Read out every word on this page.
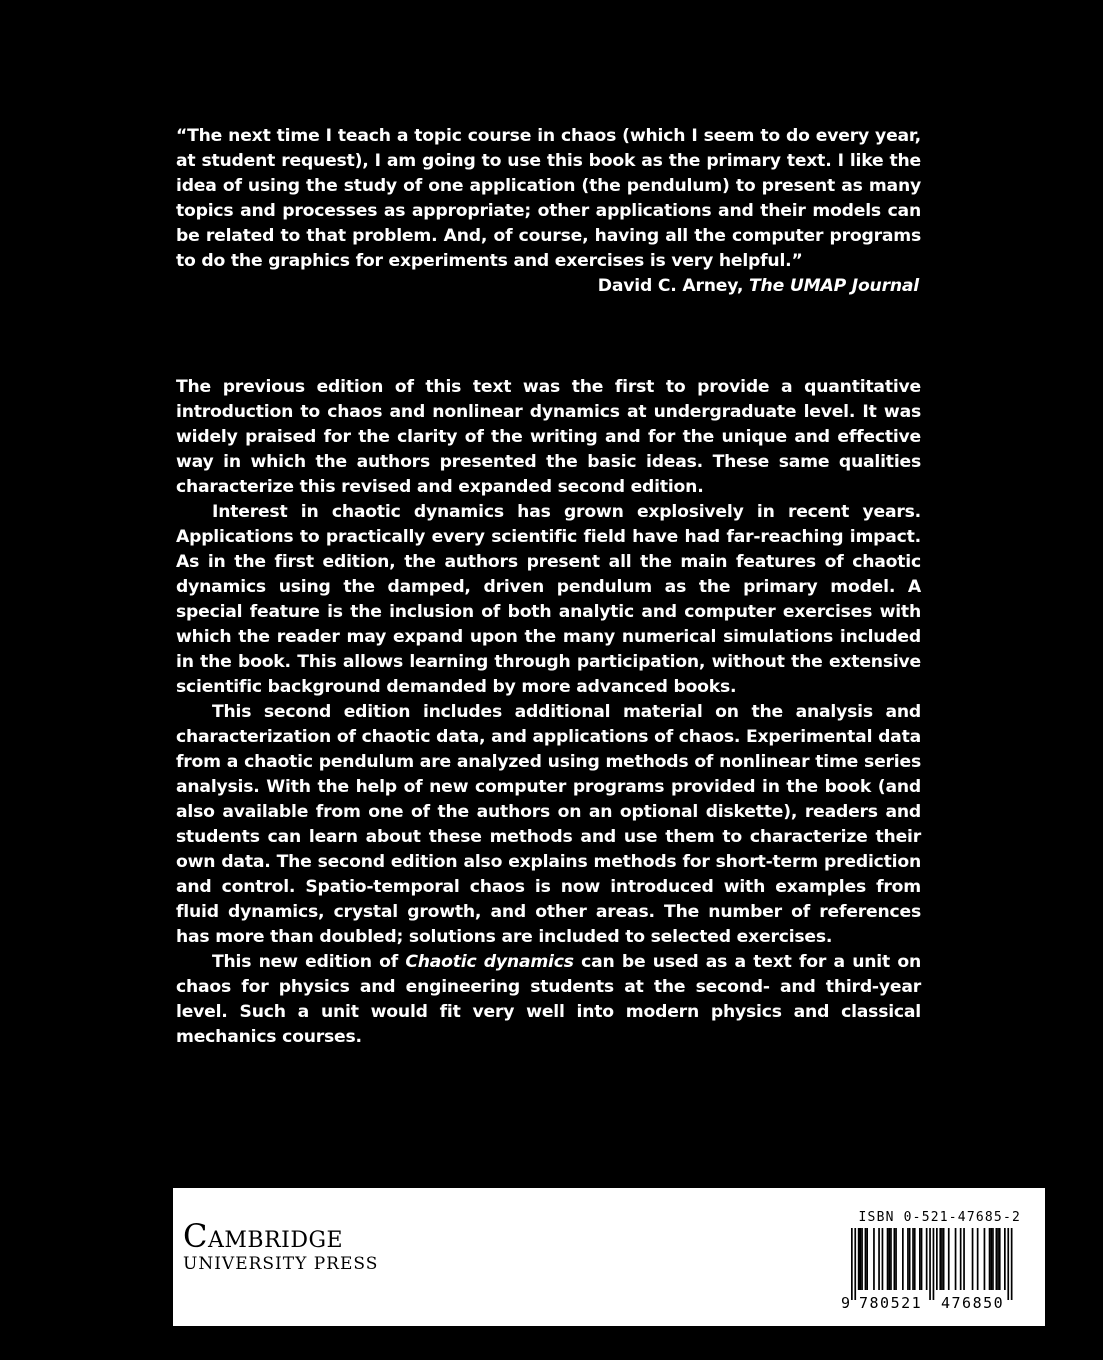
“The next time I teach a topic course in chaos (which I seem to do every year, at student request), I am going to use this book as the primary text. I like the idea of using the study of one application (the pendulum) to present as many topics and processes as appropriate; other applications and their models can be related to that problem. And, of course, having all the computer programs to do the graphics for experiments and exercises is very helpful.”

David C. Arney, The UMAP Journal

The previous edition of this text was the first to provide a quantitative introduction to chaos and nonlinear dynamics at undergraduate level. It was widely praised for the clarity of the writing and for the unique and effective way in which the authors presented the basic ideas. These same qualities characterize this revised and expanded second edition.

Interest in chaotic dynamics has grown explosively in recent years. Applications to practically every scientific field have had far-reaching impact. As in the first edition, the authors present all the main features of chaotic dynamics using the damped, driven pendulum as the primary model. A special feature is the inclusion of both analytic and computer exercises with which the reader may expand upon the many numerical simulations included in the book. This allows learning through participation, without the extensive scientific background demanded by more advanced books.

This second edition includes additional material on the analysis and characterization of chaotic data, and applications of chaos. Experimental data from a chaotic pendulum are analyzed using methods of nonlinear time series analysis. With the help of new computer programs provided in the book (and also available from one of the authors on an optional diskette), readers and students can learn about these methods and use them to characterize their own data. The second edition also explains methods for short-term prediction and control. Spatio-temporal chaos is now introduced with examples from fluid dynamics, crystal growth, and other areas. The number of references has more than doubled; solutions are included to selected exercises.

This new edition of Chaotic dynamics can be used as a text for a unit on chaos for physics and engineering students at the second- and third-year level. Such a unit would fit very well into modern physics and classical mechanics courses.

Cambridge
UNIVERSITY PRESS
ISBN 0-521-47685-2
9 780521 476850
